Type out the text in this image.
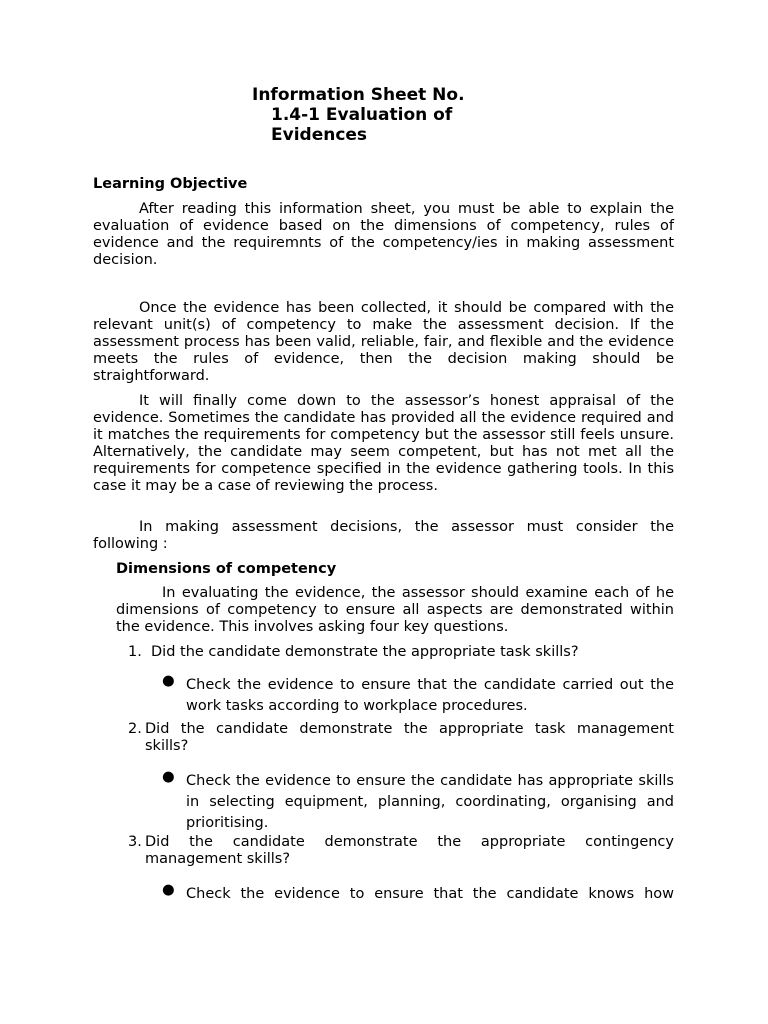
Information Sheet No.
1.4-1 Evaluation of
Evidences
Learning Objective

After reading this information sheet, you must be able to explain the evaluation of evidence based on the dimensions of competency, rules of evidence and the requiremnts of the competency/ies in making assessment decision.

Once the evidence has been collected, it should be compared with the relevant unit(s) of competency to make the assessment decision. If the assessment process has been valid, reliable, fair, and flexible and the evidence meets the rules of evidence, then the decision making should be straightforward.

It will finally come down to the assessor’s honest appraisal of the evidence. Sometimes the candidate has provided all the evidence required and it matches the requirements for competency but the assessor still feels unsure. Alternatively, the candidate may seem competent, but has not met all the requirements for competence specified in the evidence gathering tools. In this case it may be a case of reviewing the process.

In making assessment decisions, the assessor must consider the following :

Dimensions of competency

In evaluating the evidence, the assessor should examine each of he dimensions of competency to ensure all aspects are demonstrated within the evidence. This involves asking four key questions.

1. Did the candidate demonstrate the appropriate task skills?

● Check the evidence to ensure that the candidate carried out the work tasks according to workplace procedures.

2. Did the candidate demonstrate the appropriate task management skills?

● Check the evidence to ensure the candidate has appropriate skills in selecting equipment, planning, coordinating, organising and prioritising.

3. Did the candidate demonstrate the appropriate contingency management skills?

● Check the evidence to ensure that the candidate knows how
